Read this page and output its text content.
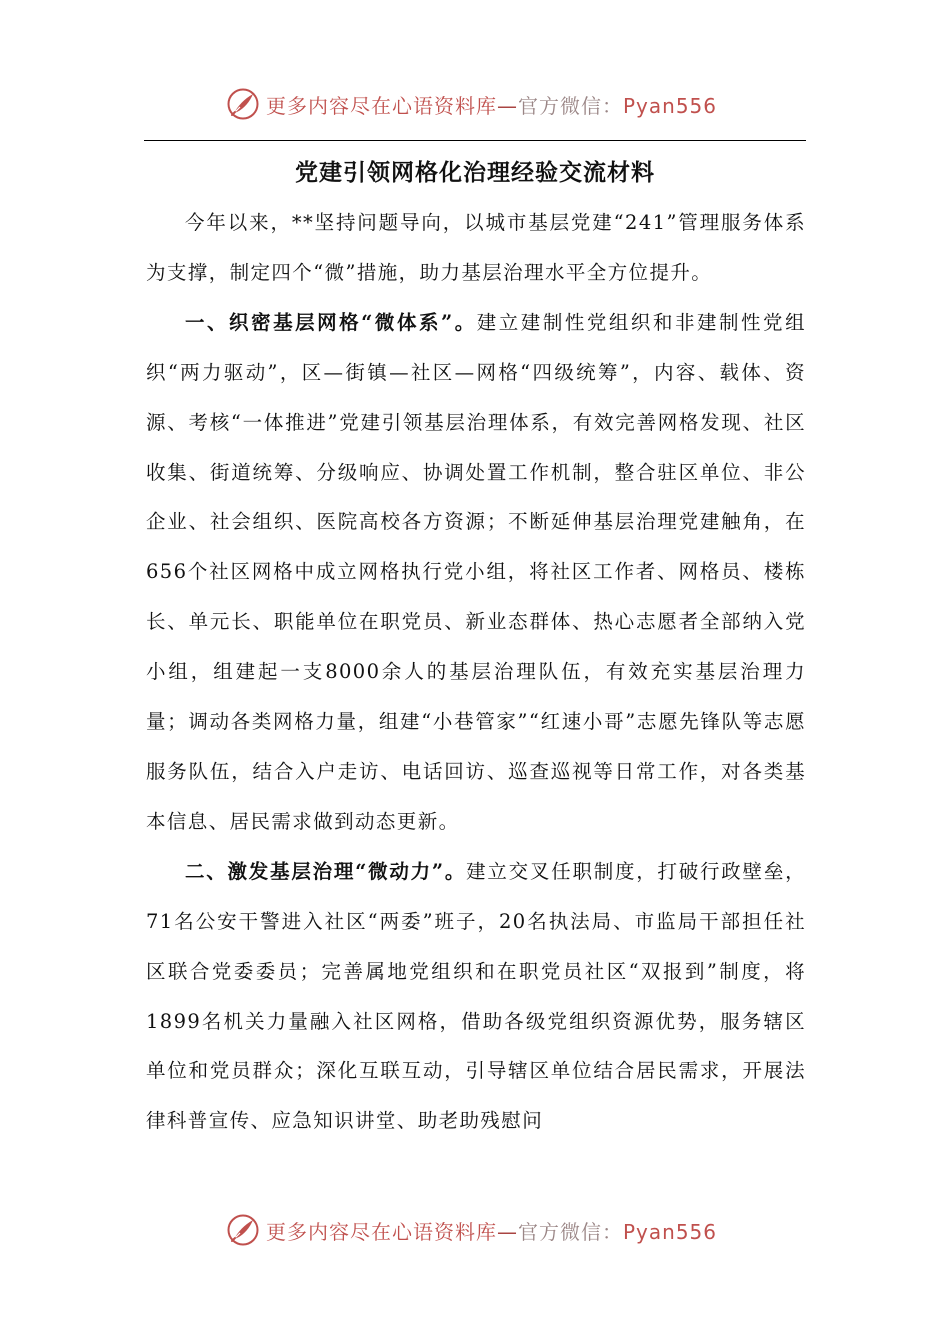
更多内容尽在心语资料库—官方微信：Pyan556
党建引领网格化治理经验交流材料

今年以来，**坚持问题导向，以城市基层党建“241”管理服务体系为支撑，制定四个“微”措施，助力基层治理水平全方位提升。

一、织密基层网格“微体系”。建立建制性党组织和非建制性党组织“两力驱动”，区—街镇—社区—网格“四级统筹”，内容、载体、资源、考核“一体推进”党建引领基层治理体系，有效完善网格发现、社区收集、街道统筹、分级响应、协调处置工作机制，整合驻区单位、非公企业、社会组织、医院高校各方资源；不断延伸基层治理党建触角，在656个社区网格中成立网格执行党小组，将社区工作者、网格员、楼栋长、单元长、职能单位在职党员、新业态群体、热心志愿者全部纳入党小组，组建起一支8000余人的基层治理队伍，有效充实基层治理力量；调动各类网格力量，组建“小巷管家”“红速小哥”志愿先锋队等志愿服务队伍，结合入户走访、电话回访、巡查巡视等日常工作，对各类基本信息、居民需求做到动态更新。

二、激发基层治理“微动力”。建立交叉任职制度，打破行政壁垒，71名公安干警进入社区“两委”班子，20名执法局、市监局干部担任社区联合党委委员；完善属地党组织和在职党员社区“双报到”制度，将1899名机关力量融入社区网格，借助各级党组织资源优势，服务辖区单位和党员群众；深化互联互动，引导辖区单位结合居民需求，开展法律科普宣传、应急知识讲堂、助老助残慰问

更多内容尽在心语资料库—官方微信：Pyan556
